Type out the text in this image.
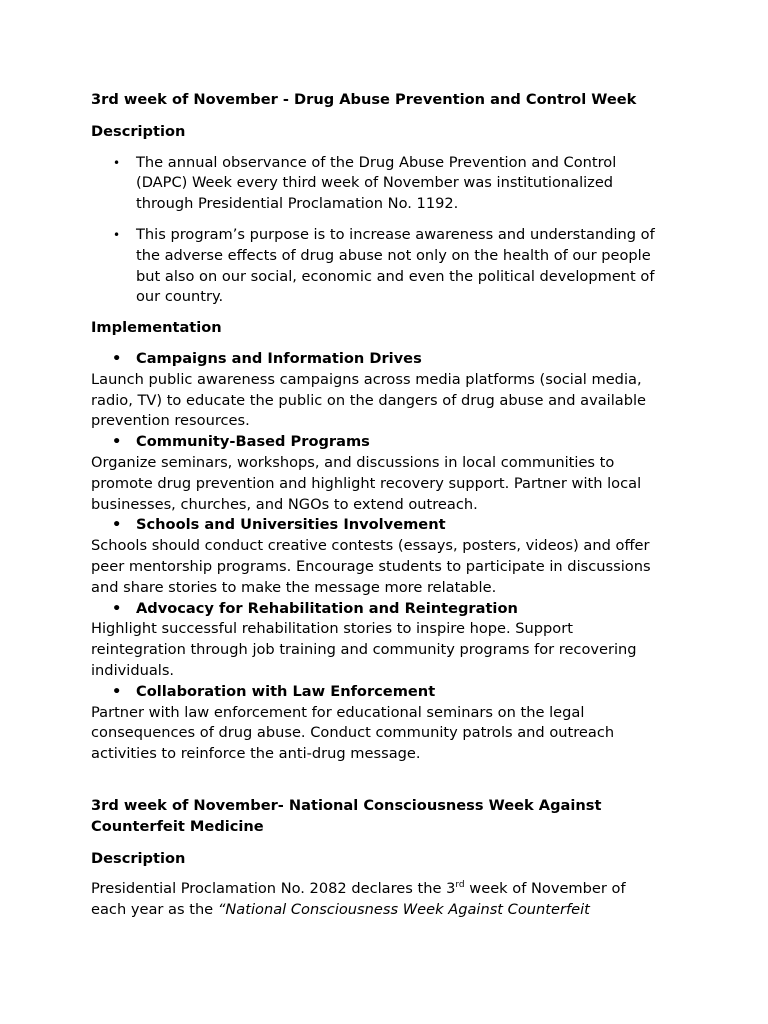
3rd week of November - Drug Abuse Prevention and Control Week
Description
• The annual observance of the Drug Abuse Prevention and Control
(DAPC) Week every third week of November was institutionalized
through Presidential Proclamation No. 1192.
• This program’s purpose is to increase awareness and understanding of
the adverse effects of drug abuse not only on the health of our people
but also on our social, economic and even the political development of
our country.
Implementation
• Campaigns and Information Drives
Launch public awareness campaigns across media platforms (social media,
radio, TV) to educate the public on the dangers of drug abuse and available
prevention resources.
• Community-Based Programs
Organize seminars, workshops, and discussions in local communities to
promote drug prevention and highlight recovery support. Partner with local
businesses, churches, and NGOs to extend outreach.
• Schools and Universities Involvement
Schools should conduct creative contests (essays, posters, videos) and offer
peer mentorship programs. Encourage students to participate in discussions
and share stories to make the message more relatable.
• Advocacy for Rehabilitation and Reintegration
Highlight successful rehabilitation stories to inspire hope. Support
reintegration through job training and community programs for recovering
individuals.
• Collaboration with Law Enforcement
Partner with law enforcement for educational seminars on the legal
consequences of drug abuse. Conduct community patrols and outreach
activities to reinforce the anti-drug message.
3rd week of November- National Consciousness Week Against
Counterfeit Medicine
Description
Presidential Proclamation No. 2082 declares the 3rd week of November of
each year as the “National Consciousness Week Against Counterfeit
